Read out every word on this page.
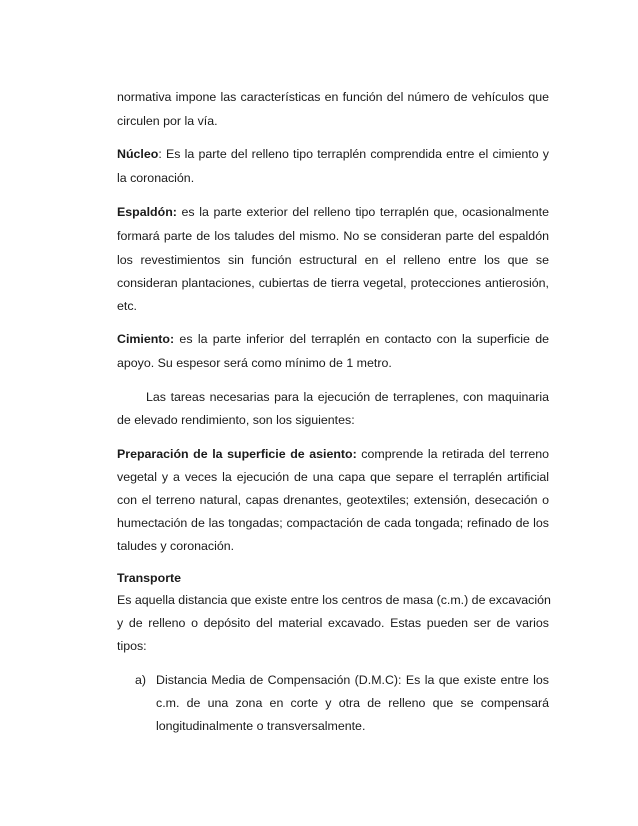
normativa impone las características en función del número de vehículos que
circulen por la vía.
Núcleo: Es la parte del relleno tipo terraplén comprendida entre el cimiento y
la coronación.
Espaldón: es la parte exterior del relleno tipo terraplén que, ocasionalmente
formará parte de los taludes del mismo. No se consideran parte del espaldón
los revestimientos sin función estructural en el relleno entre los que se
consideran plantaciones, cubiertas de tierra vegetal, protecciones antierosión,
etc.
Cimiento: es la parte inferior del terraplén en contacto con la superficie de
apoyo. Su espesor será como mínimo de 1 metro.
Las tareas necesarias para la ejecución de terraplenes, con maquinaria
de elevado rendimiento, son los siguientes:
Preparación de la superficie de asiento: comprende la retirada del terreno
vegetal y a veces la ejecución de una capa que separe el terraplén artificial
con el terreno natural, capas drenantes, geotextiles; extensión, desecación o
humectación de las tongadas; compactación de cada tongada; refinado de los
taludes y coronación.
Transporte
Es aquella distancia que existe entre los centros de masa (c.m.) de excavación
y de relleno o depósito del material excavado. Estas pueden ser de varios
tipos:
a) Distancia Media de Compensación (D.M.C): Es la que existe entre los
c.m. de una zona en corte y otra de relleno que se compensará
longitudinalmente o transversalmente.
